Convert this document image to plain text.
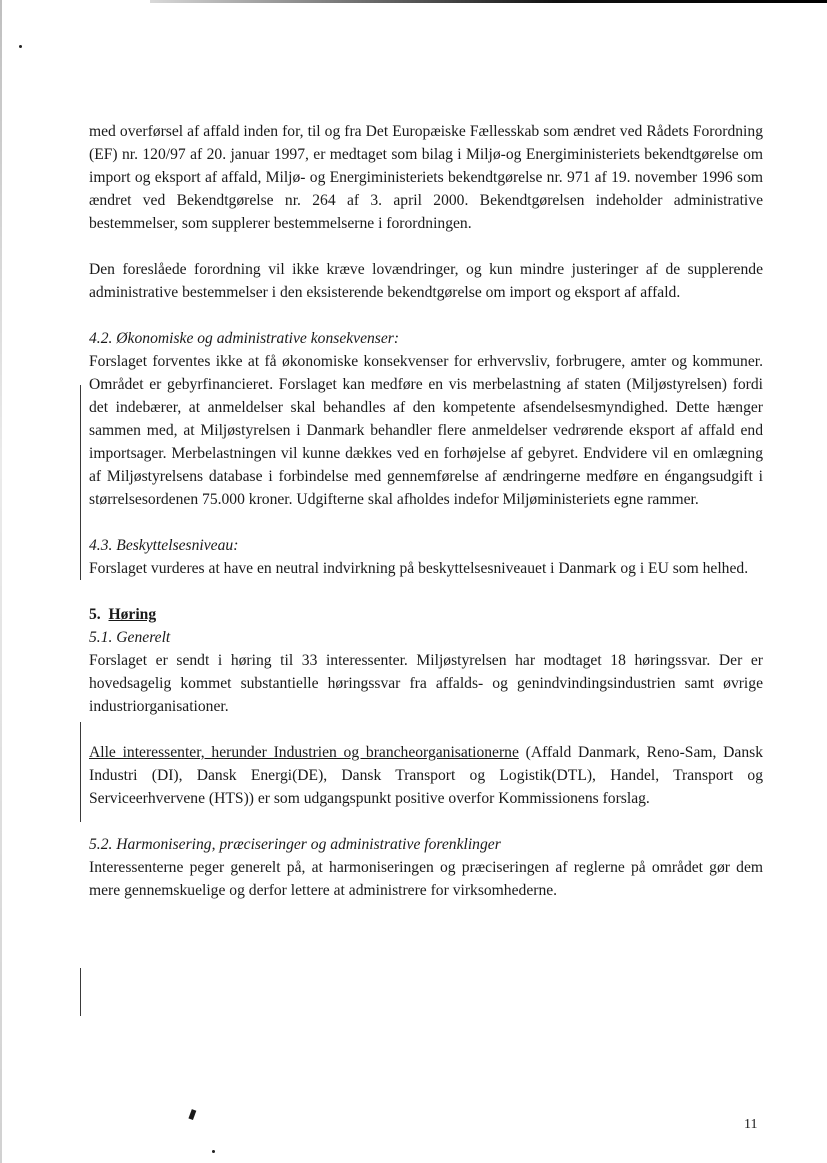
med overførsel af affald inden for, til og fra Det Europæiske Fællesskab som ændret ved Rådets Forordning (EF) nr. 120/97 af 20. januar 1997, er medtaget som bilag i Miljø-og Energiministeriets bekendtgørelse om import og eksport af affald, Miljø- og Energiministeriets bekendtgørelse nr. 971 af 19. november 1996 som ændret ved Bekendtgørelse nr. 264 af 3. april 2000. Bekendtgørelsen indeholder administrative bestemmelser, som supplerer bestemmelserne i forordningen.

Den foreslåede forordning vil ikke kræve lovændringer, og kun mindre justeringer af de supplerende administrative bestemmelser i den eksisterende bekendtgørelse om import og eksport af affald.

4.2. Økonomiske og administrative konsekvenser:

Forslaget forventes ikke at få økonomiske konsekvenser for erhvervsliv, forbrugere, amter og kommuner. Området er gebyrfinancieret. Forslaget kan medføre en vis merbelastning af staten (Miljøstyrelsen) fordi det indebærer, at anmeldelser skal behandles af den kompetente afsendelsesmyndighed. Dette hænger sammen med, at Miljøstyrelsen i Danmark behandler flere anmeldelser vedrørende eksport af affald end importsager. Merbelastningen vil kunne dækkes ved en forhøjelse af gebyret. Endvidere vil en omlægning af Miljøstyrelsens database i forbindelse med gennemførelse af ændringerne medføre en éngangsudgift i størrelsesordenen 75.000 kroner. Udgifterne skal afholdes indefor Miljøministeriets egne rammer.

4.3. Beskyttelsesniveau:

Forslaget vurderes at have en neutral indvirkning på beskyttelsesniveauet i Danmark og i EU som helhed.

5. Høring

5.1. Generelt

Forslaget er sendt i høring til 33 interessenter. Miljøstyrelsen har modtaget 18 høringssvar. Der er hovedsagelig kommet substantielle høringssvar fra affalds- og genindvindingsindustrien samt øvrige industriorganisationer.

Alle interessenter, herunder Industrien og brancheorganisationerne (Affald Danmark, Reno-Sam, Dansk Industri (DI), Dansk Energi(DE), Dansk Transport og Logistik(DTL), Handel, Transport og Serviceerhvervene (HTS)) er som udgangspunkt positive overfor Kommissionens forslag.

5.2. Harmonisering, præciseringer og administrative forenklinger

Interessenterne peger generelt på, at harmoniseringen og præciseringen af reglerne på området gør dem mere gennemskuelige og derfor lettere at administrere for virksomhederne.

▮
11
